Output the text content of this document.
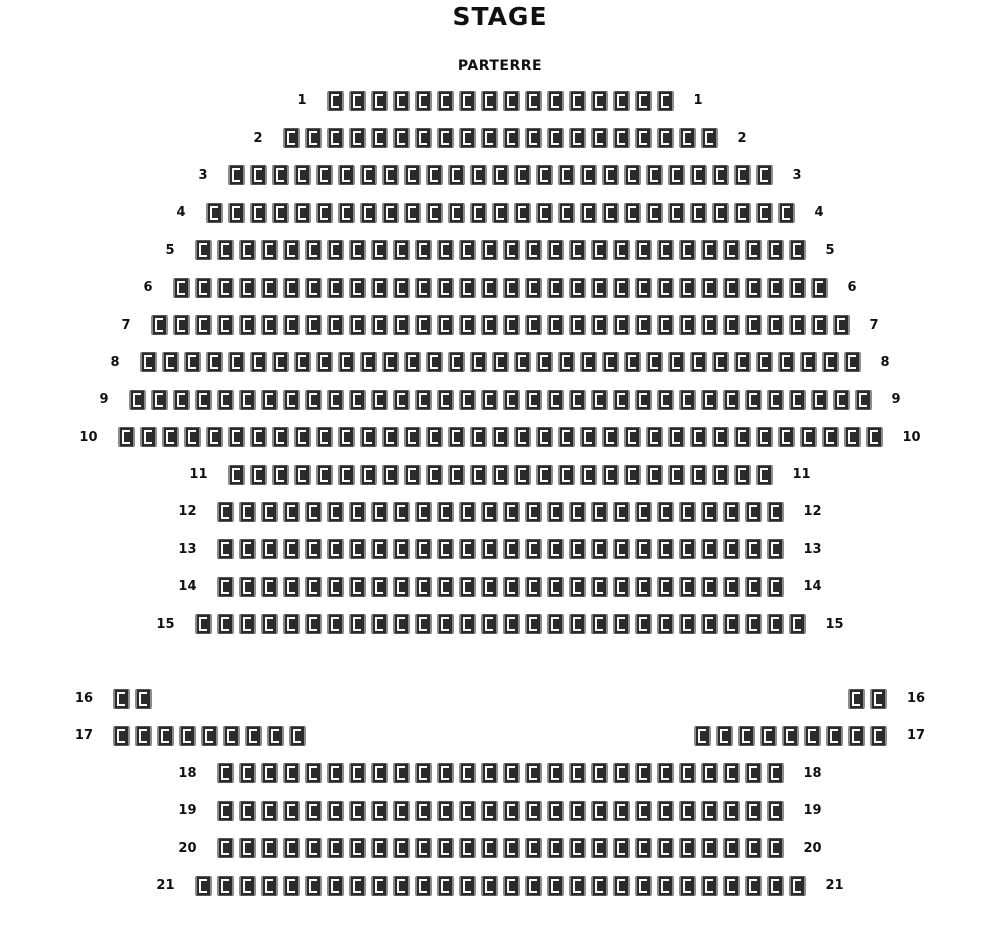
STAGE
PARTERRE
1	1
2	2
3	3
4	4
5	5
6	6
7	7
8	8
9	9
10	10
11	11
12	12
13	13
14	14
15	15
16	16
17	17
18	18
19	19
20	20
21	21
